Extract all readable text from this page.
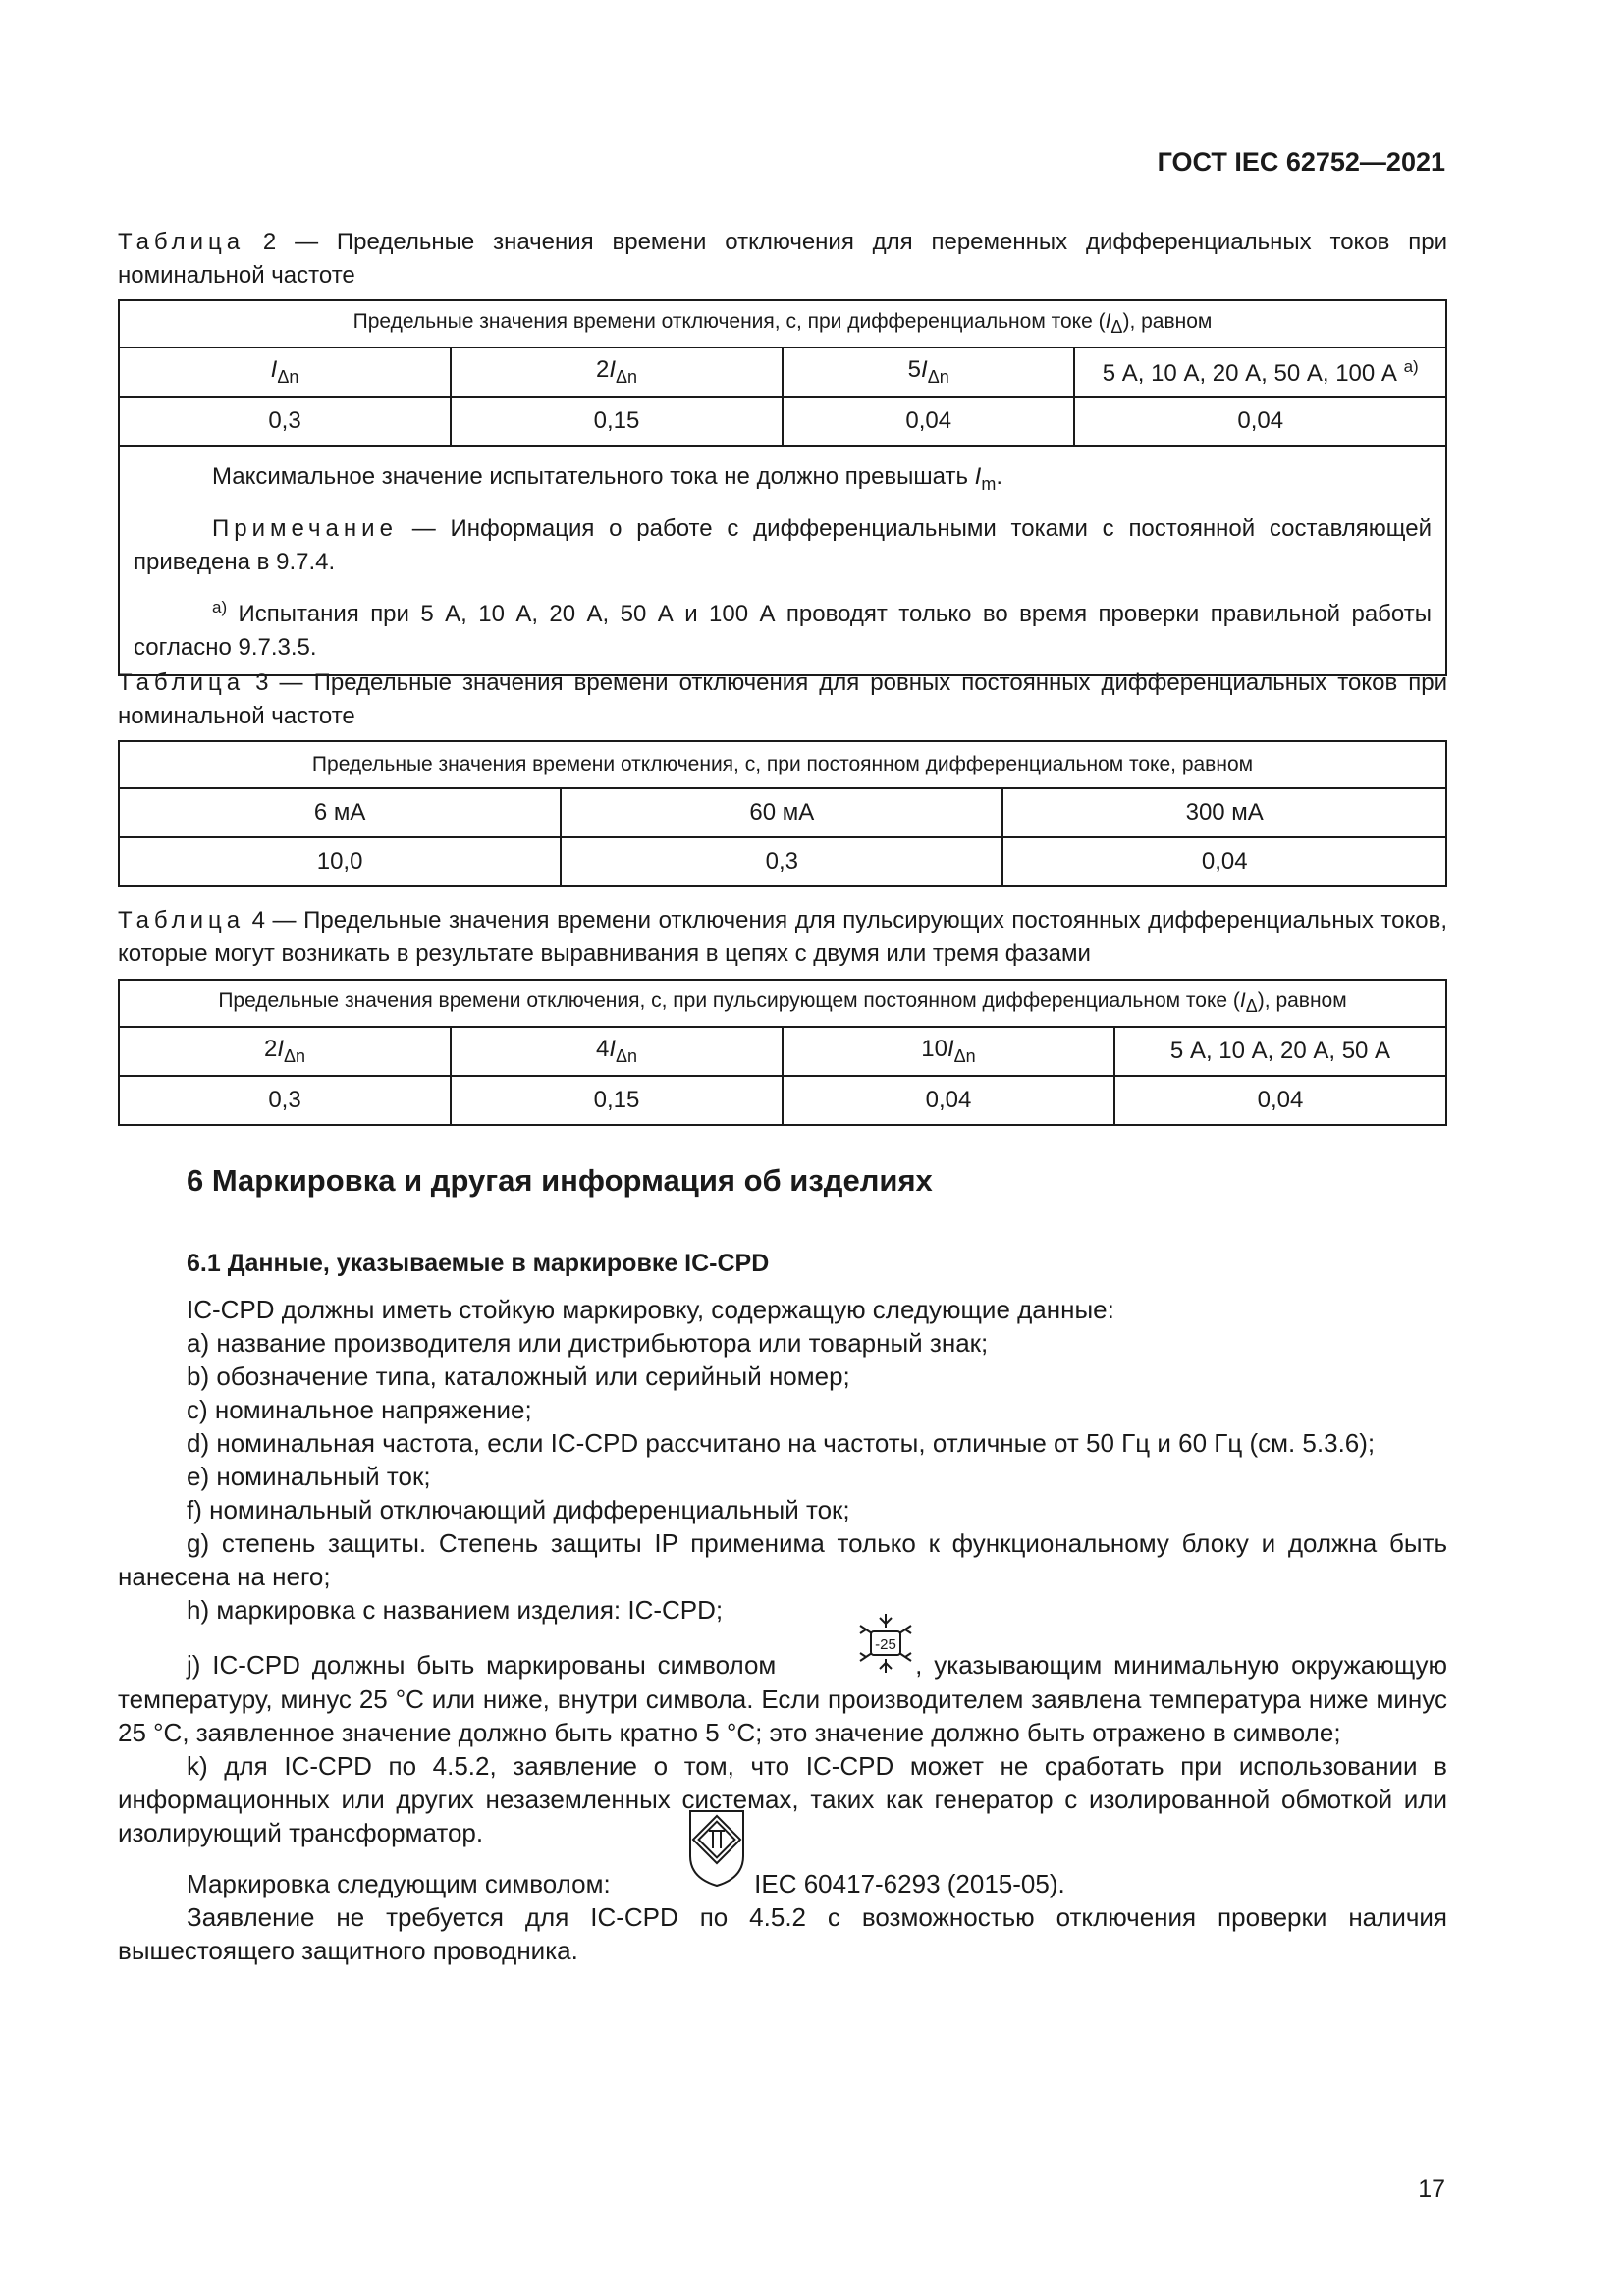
ГОСТ IEC 62752—2021
Таблица 2 — Предельные значения времени отключения для переменных дифференциальных токов при номинальной частоте
Предельные значения времени отключения, с, при дифференциальном токе $(I_\Delta)$, равном			
$I_{\Delta n}$	$2I_{\Delta n}$	$5I_{\Delta n}$	5 А, 10 А, 20 А, 50 А, 100 А $^{a)}$
0,3	0,15	0,04	0,04

Максимальное значение испытательного тока не должно превышать $I_m$.
Примечание — Информация о работе с дифференциальными токами с постоянной составляющей приведена в 9.7.4.
$^{a)}$ Испытания при 5 А, 10 А, 20 А, 50 А и 100 А проводят только во время проверки правильной работы согласно 9.7.3.5.			
Таблица 3 — Предельные значения времени отключения для ровных постоянных дифференциальных токов при номинальной частоте
Предельные значения времени отключения, с, при постоянном дифференциальном токе, равном		
6 мА	60 мА	300 мА
10,0	0,3	0,04
Таблица 4 — Предельные значения времени отключения для пульсирующих постоянных дифференциальных токов, которые могут возникать в результате выравнивания в цепях с двумя или тремя фазами
Предельные значения времени отключения, с, при пульсирующем постоянном дифференциальном токе $(I_\Delta)$, равном			
$2I_{\Delta n}$	$4I_{\Delta n}$	$10I_{\Delta n}$	5 А, 10 А, 20 А, 50 А
0,3	0,15	0,04	0,04
6 Маркировка и другая информация об изделиях
6.1 Данные, указываемые в маркировке IC-CPD

IC-CPD должны иметь стойкую маркировку, содержащую следующие данные:

a) название производителя или дистрибьютора или товарный знак;

b) обозначение типа, каталожный или серийный номер;

c) номинальное напряжение;

d) номинальная частота, если IC-CPD рассчитано на частоты, отличные от 50 Гц и 60 Гц (см. 5.3.6);

e) номинальный ток;

f) номинальный отключающий дифференциальный ток;

g) степень защиты. Степень защиты IP применима только к функциональному блоку и должна быть нанесена на него;

h) маркировка с названием изделия: IC-CPD;

j) IC-CPD должны быть маркированы символом
-25
, указывающим минимальную окружающую температуру, минус 25 °С или ниже, внутри символа. Если производителем заявлена температура ниже минус 25 °С, заявленное значение должно быть кратно 5 °С; это значение должно быть отражено в символе;

k) для IC-CPD по 4.5.2, заявление о том, что IC-CPD может не сработать при использовании в информационных или других незаземленных системах, таких как генератор с изолированной обмоткой или изолирующий трансформатор.

Маркировка следующим символом:	IEC 60417-6293 (2015-05).

Заявление не требуется для IC-CPD по 4.5.2 с возможностью отключения проверки наличия вышестоящего защитного проводника.

17
